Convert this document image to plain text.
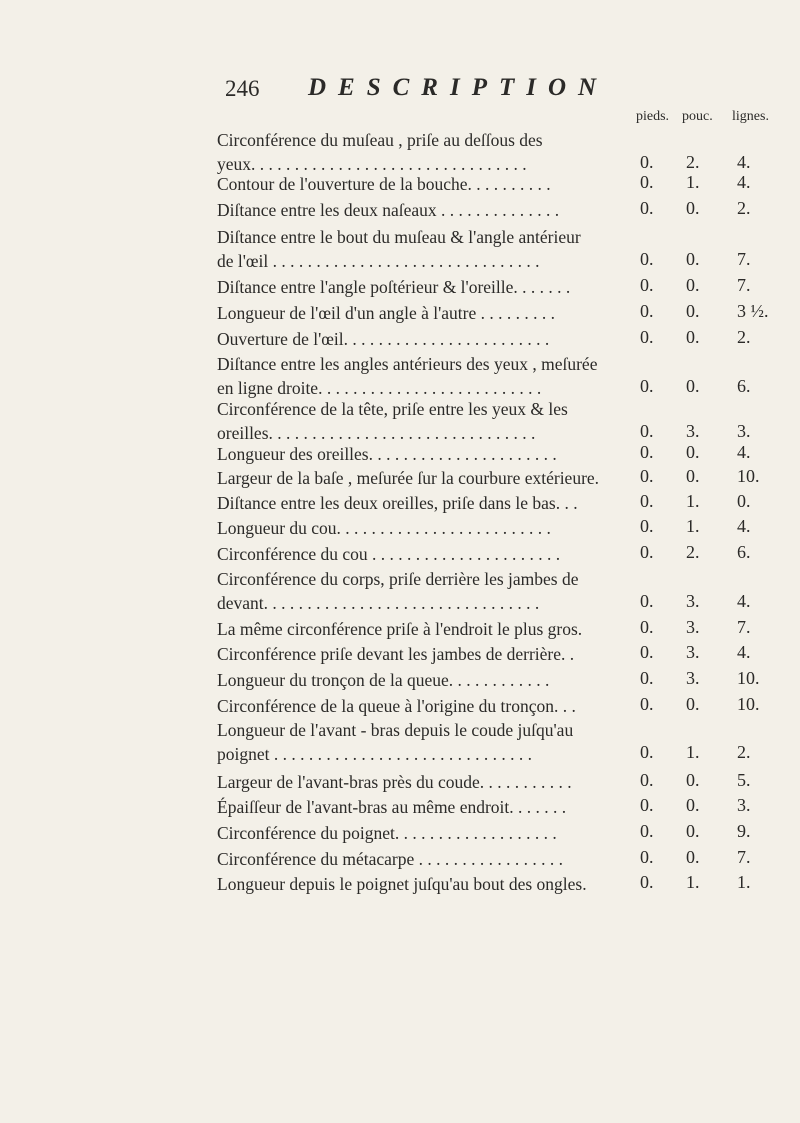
246 DESCRIPTION
pieds. pouc. lignes.
Circonférence du muſeau , priſe au deſſous des
yeux. . . . . . . . . . . . . . . . . . . . . . . . . . . . . . . .	0. 2. 4.
Contour de l'ouverture de la bouche. . . . . . . . . .	0. 1. 4.
Diſtance entre les deux naſeaux . . . . . . . . . . . . . .	0. 0. 2.
Diſtance entre le bout du muſeau & l'angle antérieur
de l'œil . . . . . . . . . . . . . . . . . . . . . . . . . . . . . . .	0. 0. 7.
Diſtance entre l'angle poſtérieur & l'oreille. . . . . . .	0. 0. 7.
Longueur de l'œil d'un angle à l'autre . . . . . . . . .	0. 0. 3 ½.
Ouverture de l'œil. . . . . . . . . . . . . . . . . . . . . . . .	0. 0. 2.
Diſtance entre les angles antérieurs des yeux , meſurée
en ligne droite. . . . . . . . . . . . . . . . . . . . . . . . . .	0. 0. 6.
Circonférence de la tête, priſe entre les yeux & les
oreilles. . . . . . . . . . . . . . . . . . . . . . . . . . . . . . .	0. 3. 3.
Longueur des oreilles. . . . . . . . . . . . . . . . . . . . . .	0. 0. 4.
Largeur de la baſe , meſurée ſur la courbure extérieure.	0. 0. 10.
Diſtance entre les deux oreilles, priſe dans le bas. . .	0. 1. 0.
Longueur du cou. . . . . . . . . . . . . . . . . . . . . . . . .	0. 1. 4.
Circonférence du cou . . . . . . . . . . . . . . . . . . . . . .	0. 2. 6.
Circonférence du corps, priſe derrière les jambes de
devant. . . . . . . . . . . . . . . . . . . . . . . . . . . . . . . .	0. 3. 4.
La même circonférence priſe à l'endroit le plus gros.	0. 3. 7.
Circonférence priſe devant les jambes de derrière. .	0. 3. 4.
Longueur du tronçon de la queue. . . . . . . . . . . .	0. 3. 10.
Circonférence de la queue à l'origine du tronçon. . .	0. 0. 10.
Longueur de l'avant - bras depuis le coude juſqu'au
poignet . . . . . . . . . . . . . . . . . . . . . . . . . . . . . .	0. 1. 2.
Largeur de l'avant-bras près du coude. . . . . . . . . . .	0. 0. 5.
Épaiſſeur de l'avant-bras au même endroit. . . . . . .	0. 0. 3.
Circonférence du poignet. . . . . . . . . . . . . . . . . . .	0. 0. 9.
Circonférence du métacarpe . . . . . . . . . . . . . . . . .	0. 0. 7.
Longueur depuis le poignet juſqu'au bout des ongles.	0. 1. 1.
